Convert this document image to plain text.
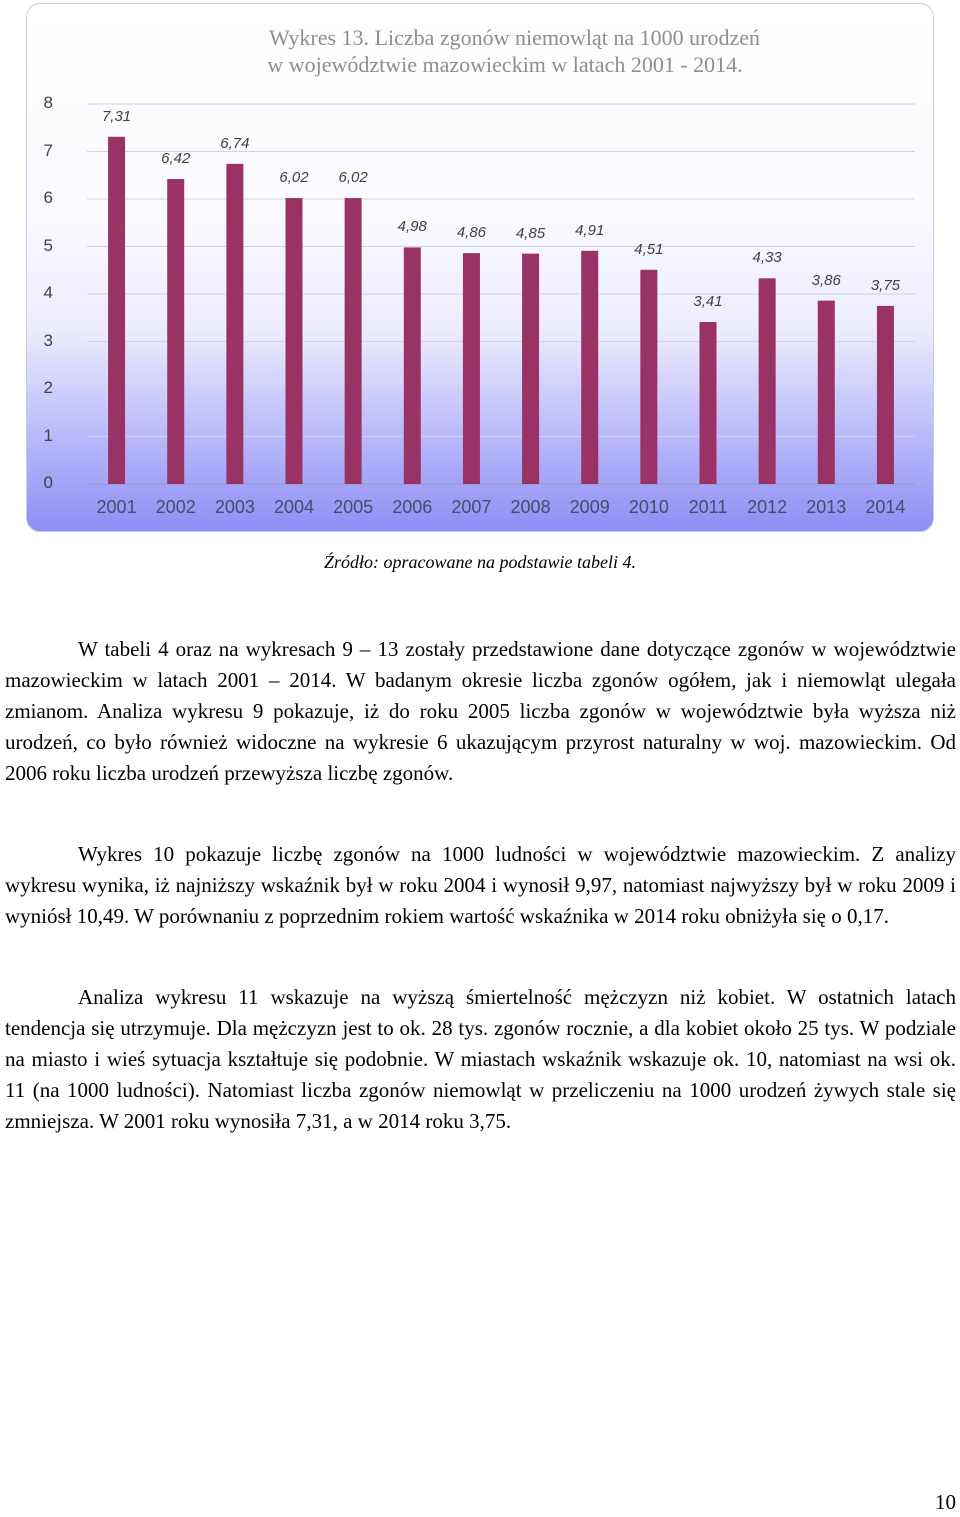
Wykres 13. Liczba zgonów niemowląt na 1000 urodzeń
w województwie mazowieckim w latach 2001 - 2014.
0
1
2
3
4
5
6
7
8
7,31
2001
6,42
2002
6,74
2003
6,02
2004
6,02
2005
4,98
2006
4,86
2007
4,85
2008
4,91
2009
4,51
2010
3,41
2011
4,33
2012
3,86
2013
3,75
2014
Źródło: opracowane na podstawie tabeli 4.

W tabeli 4 oraz na wykresach 9 – 13 zostały przedstawione dane dotyczące zgonów w województwie mazowieckim w latach 2001 – 2014. W badanym okresie liczba zgonów ogółem, jak i niemowląt ulegała zmianom. Analiza wykresu 9 pokazuje, iż do roku 2005 liczba zgonów w województwie była wyższa niż urodzeń, co było również widoczne na wykresie 6 ukazującym przyrost naturalny w woj. mazowieckim. Od 2006 roku liczba urodzeń przewyższa liczbę zgonów.

Wykres 10 pokazuje liczbę zgonów na 1000 ludności w województwie mazowieckim. Z analizy wykresu wynika, iż najniższy wskaźnik był w roku 2004 i wynosił 9,97, natomiast najwyższy był w roku 2009 i wyniósł 10,49. W porównaniu z poprzednim rokiem wartość wskaźnika w 2014 roku obniżyła się o 0,17.

Analiza wykresu 11 wskazuje na wyższą śmiertelność mężczyzn niż kobiet. W ostatnich latach tendencja się utrzymuje. Dla mężczyzn jest to ok. 28 tys. zgonów rocznie, a dla kobiet około 25 tys. W podziale na miasto i wieś sytuacja kształtuje się podobnie. W miastach wskaźnik wskazuje ok. 10, natomiast na wsi ok. 11 (na 1000 ludności). Natomiast liczba zgonów niemowląt w przeliczeniu na 1000 urodzeń żywych stale się zmniejsza. W 2001 roku wynosiła 7,31, a w 2014 roku 3,75.

10
